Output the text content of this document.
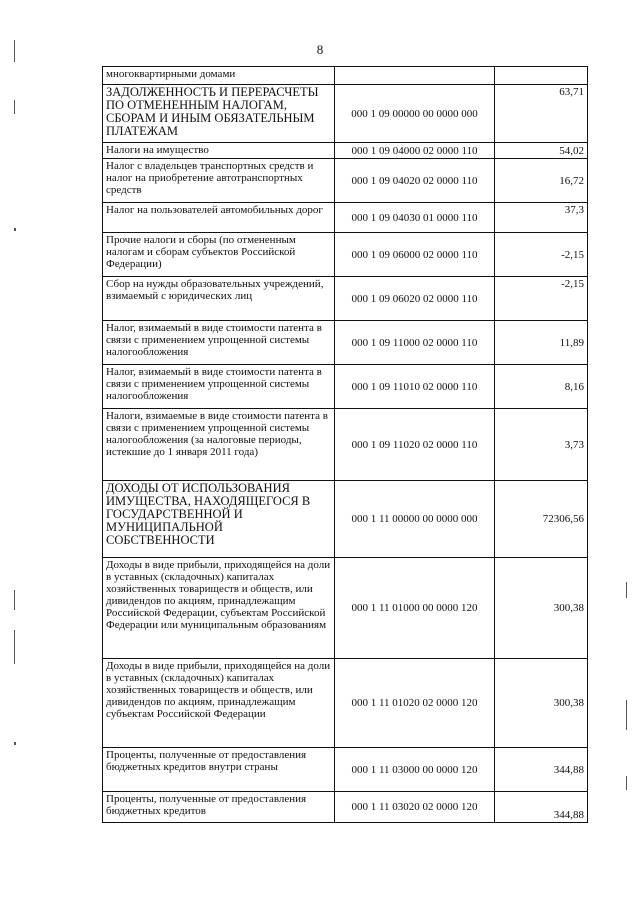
8
многоквартирными домами		
ЗАДОЛЖЕННОСТЬ И ПЕРЕРАСЧЕТЫ ПО ОТМЕНЕННЫМ НАЛОГАМ, СБОРАМ И ИНЫМ ОБЯЗАТЕЛЬНЫМ ПЛАТЕЖАМ	000 1 09 00000 00 0000 000	63,71
Налоги на имущество	000 1 09 04000 02 0000 110	54,02
Налог с владельцев транспортных средств и налог на приобретение автотранспортных средств	000 1 09 04020 02 0000 110	16,72
Налог на пользователей автомобильных дорог	000 1 09 04030 01 0000 110	37,3
Прочие налоги и сборы (по отмененным налогам и сборам субъектов Российской Федерации)	000 1 09 06000 02 0000 110	-2,15
Сбор на нужды образовательных учреждений, взимаемый с юридических лиц	000 1 09 06020 02 0000 110	-2,15
Налог, взимаемый в виде стоимости патента в связи с применением упрощенной системы налогообложения	000 1 09 11000 02 0000 110	11,89
Налог, взимаемый в виде стоимости патента в связи с применением упрощенной системы налогообложения	000 1 09 11010 02 0000 110	8,16
Налоги, взимаемые в виде стоимости патента в связи с применением упрощенной системы налогообложения (за налоговые периоды, истекшие до 1 января 2011 года)	000 1 09 11020 02 0000 110	3,73
ДОХОДЫ ОТ ИСПОЛЬЗОВАНИЯ ИМУЩЕСТВА, НАХОДЯЩЕГОСЯ В ГОСУДАРСТВЕННОЙ И МУНИЦИПАЛЬНОЙ СОБСТВЕННОСТИ	000 1 11 00000 00 0000 000	72306,56
Доходы в виде прибыли, приходящейся на доли в уставных (складочных) капиталах хозяйственных товариществ и обществ, или дивидендов по акциям, принадлежащим Российской Федерации, субъектам Российской Федерации или муниципальным образованиям	000 1 11 01000 00 0000 120	300,38
Доходы в виде прибыли, приходящейся на доли в уставных (складочных) капиталах хозяйственных товариществ и обществ, или дивидендов по акциям, принадлежащим субъектам Российской Федерации	000 1 11 01020 02 0000 120	300,38
Проценты, полученные от предоставления бюджетных кредитов внутри страны	000 1 11 03000 00 0000 120	344,88
Проценты, полученные от предоставления бюджетных кредитов	000 1 11 03020 02 0000 120	344,88
